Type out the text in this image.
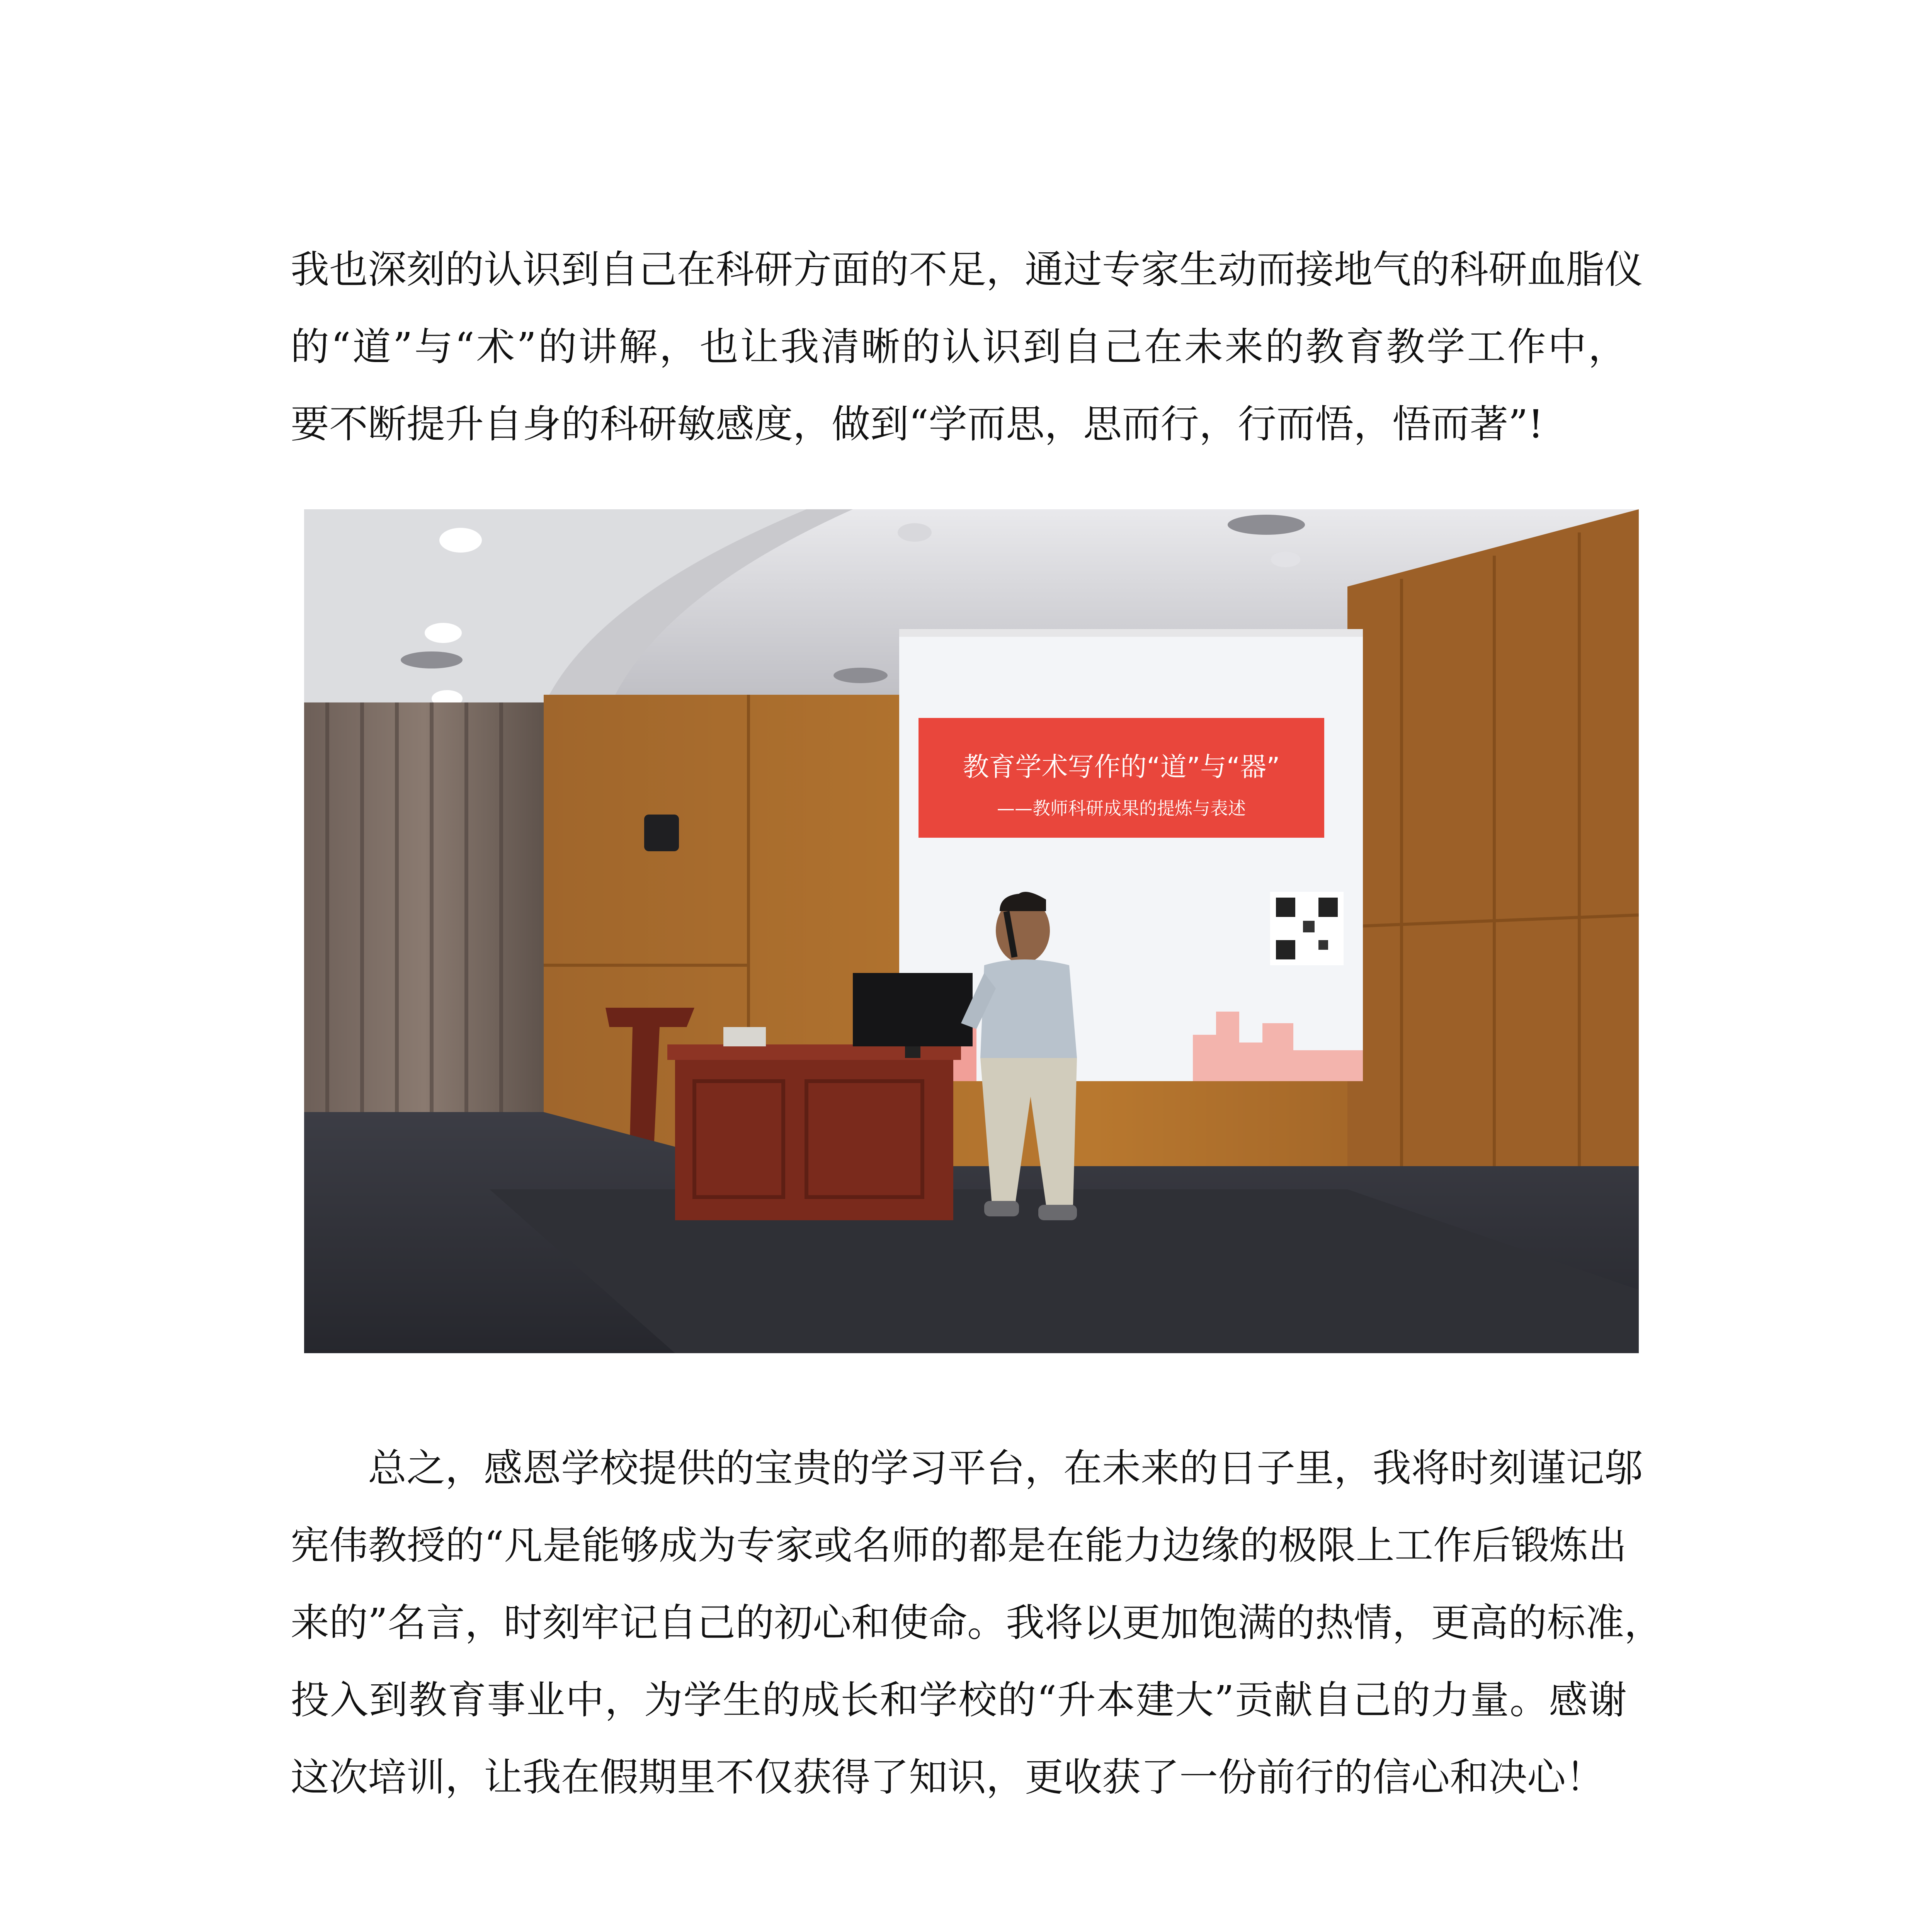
我也深刻的认识到自己在科研方面的不足，通过专家生动而接地气的科研血脂仪
的“道”与“术”的讲解，也让我清晰的认识到自己在未来的教育教学工作中，
要不断提升自身的科研敏感度，做到“学而思，思而行，行而悟，悟而著”!
教育学术写作的“道”与“器”
——教师科研成果的提炼与表述
总之，感恩学校提供的宝贵的学习平台，在未来的日子里，我将时刻谨记邬
宪伟教授的“凡是能够成为专家或名师的都是在能力边缘的极限上工作后锻炼出
来的”名言，时刻牢记自己的初心和使命。我将以更加饱满的热情，更高的标准，
投入到教育事业中，为学生的成长和学校的“升本建大”贡献自己的力量。感谢
这次培训，让我在假期里不仅获得了知识，更收获了一份前行的信心和决心！
